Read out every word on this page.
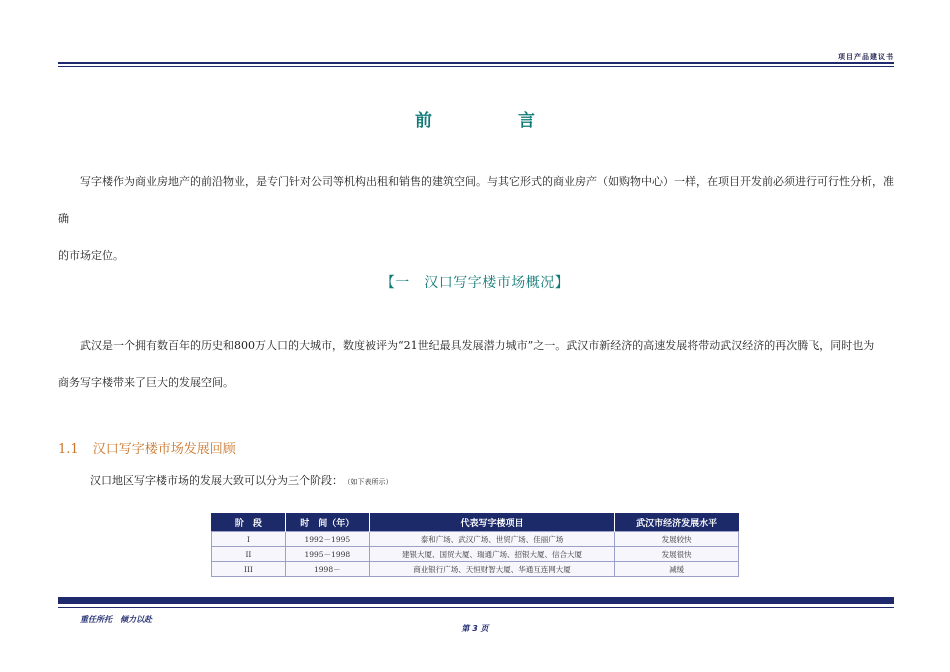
项目产品建议书
前 言
写字楼作为商业房地产的前沿物业，是专门针对公司等机构出租和销售的建筑空间。与其它形式的商业房产（如购物中心）一样，在项目开发前必须进行可行性分析，准确
的市场定位。
【一　汉口写字楼市场概况】
武汉是一个拥有数百年的历史和800万人口的大城市，数度被评为“21世纪最具发展潜力城市”之一。武汉市新经济的高速发展将带动武汉经济的再次腾飞，同时也为
商务写字楼带来了巨大的发展空间。
1.1 汉口写字楼市场发展回顾
汉口地区写字楼市场的发展大致可以分为三个阶段： （如下表所示）
阶　段	时　间（年）	代表写字楼项目	武汉市经济发展水平
I	1992－1995	泰和广场、武汉广场、世贸广场、佳丽广场	发展较快
II	1995－1998	建银大厦、国贸大厦、瑞通广场、招银大厦、信合大厦	发展很快
III	1998－	商业银行广场、天恒财智大厦、华通互连网大厦	减缓
重任所托　倾力以赴
第 3 页
